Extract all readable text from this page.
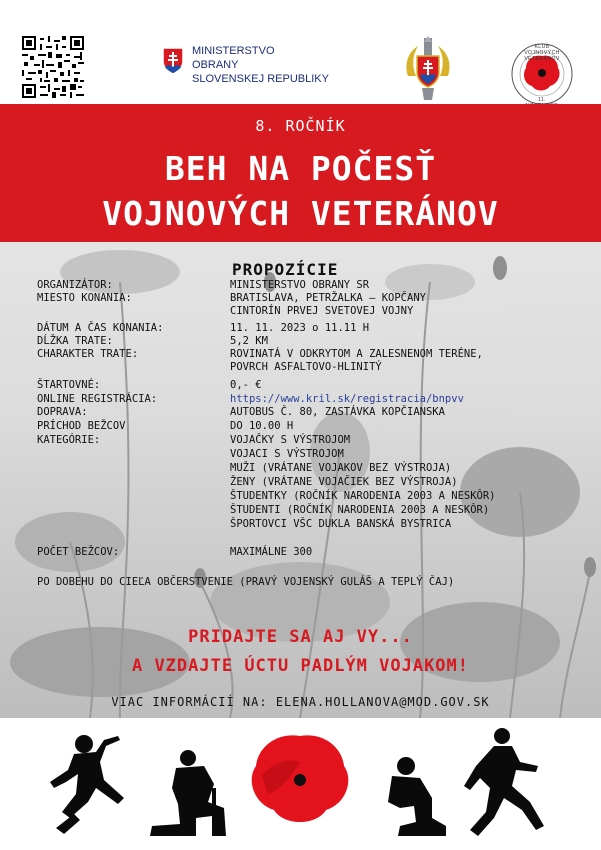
MINISTERSTVO
OBRANY
SLOVENSKEJ REPUBLIKY
KLUB VOJNOVÝCH VETERÁNOV
11.
8. ROČNÍK
BEH NA POČESŤ
VOJNOVÝCH VETERÁNOV
PROPOZÍCIE
ORGANIZÁTOR:	MINISTERSTVO OBRANY SR
MIESTO KONANIA:	BRATISLAVA, PETRŽALKA – KOPČANY
CINTORÍN PRVEJ SVETOVEJ VOJNY
DÁTUM A ČAS KONANIA:	11. 11. 2023 o 11.11 H
DĹŽKA TRATE:	5,2 KM
CHARAKTER TRATE:	ROVINATÁ V ODKRYTOM A ZALESNENOM TERÉNE,
POVRCH ASFALTOVO-HLINITÝ
ŠTARTOVNÉ:	0,- €
ONLINE REGISTRÁCIA:	https://www.kril.sk/registracia/bnpvv
DOPRAVA:	AUTOBUS Č. 80, ZASTÁVKA KOPČIANSKA
PRÍCHOD BEŽCOV	DO 10.00 H
KATEGÓRIE:	VOJAČKY S VÝSTROJOM
VOJACI S VÝSTROJOM
MUŽI (VRÁTANE VOJAKOV BEZ VÝSTROJA)
ŽENY (VRÁTANE VOJAČIEK BEZ VÝSTROJA)
ŠTUDENTKY (ROČNÍK NARODENIA 2003 A NESKÔR)
ŠTUDENTI (ROČNÍK NARODENIA 2003 A NESKÔR)
ŠPORTOVCI VŠC DUKLA BANSKÁ BYSTRICA
POČET BEŽCOV:	MAXIMÁLNE 300
PO DOBEHU DO CIEĽA OBČERSTVENIE (PRAVÝ VOJENSKÝ GULÁŠ A TEPLÝ ČAJ)
PRIDAJTE SA AJ VY...
A VZDAJTE ÚCTU PADLÝM VOJAKOM!
VIAC INFORMÁCIÍ NA: ELENA.HOLLANOVA@MOD.GOV.SK
